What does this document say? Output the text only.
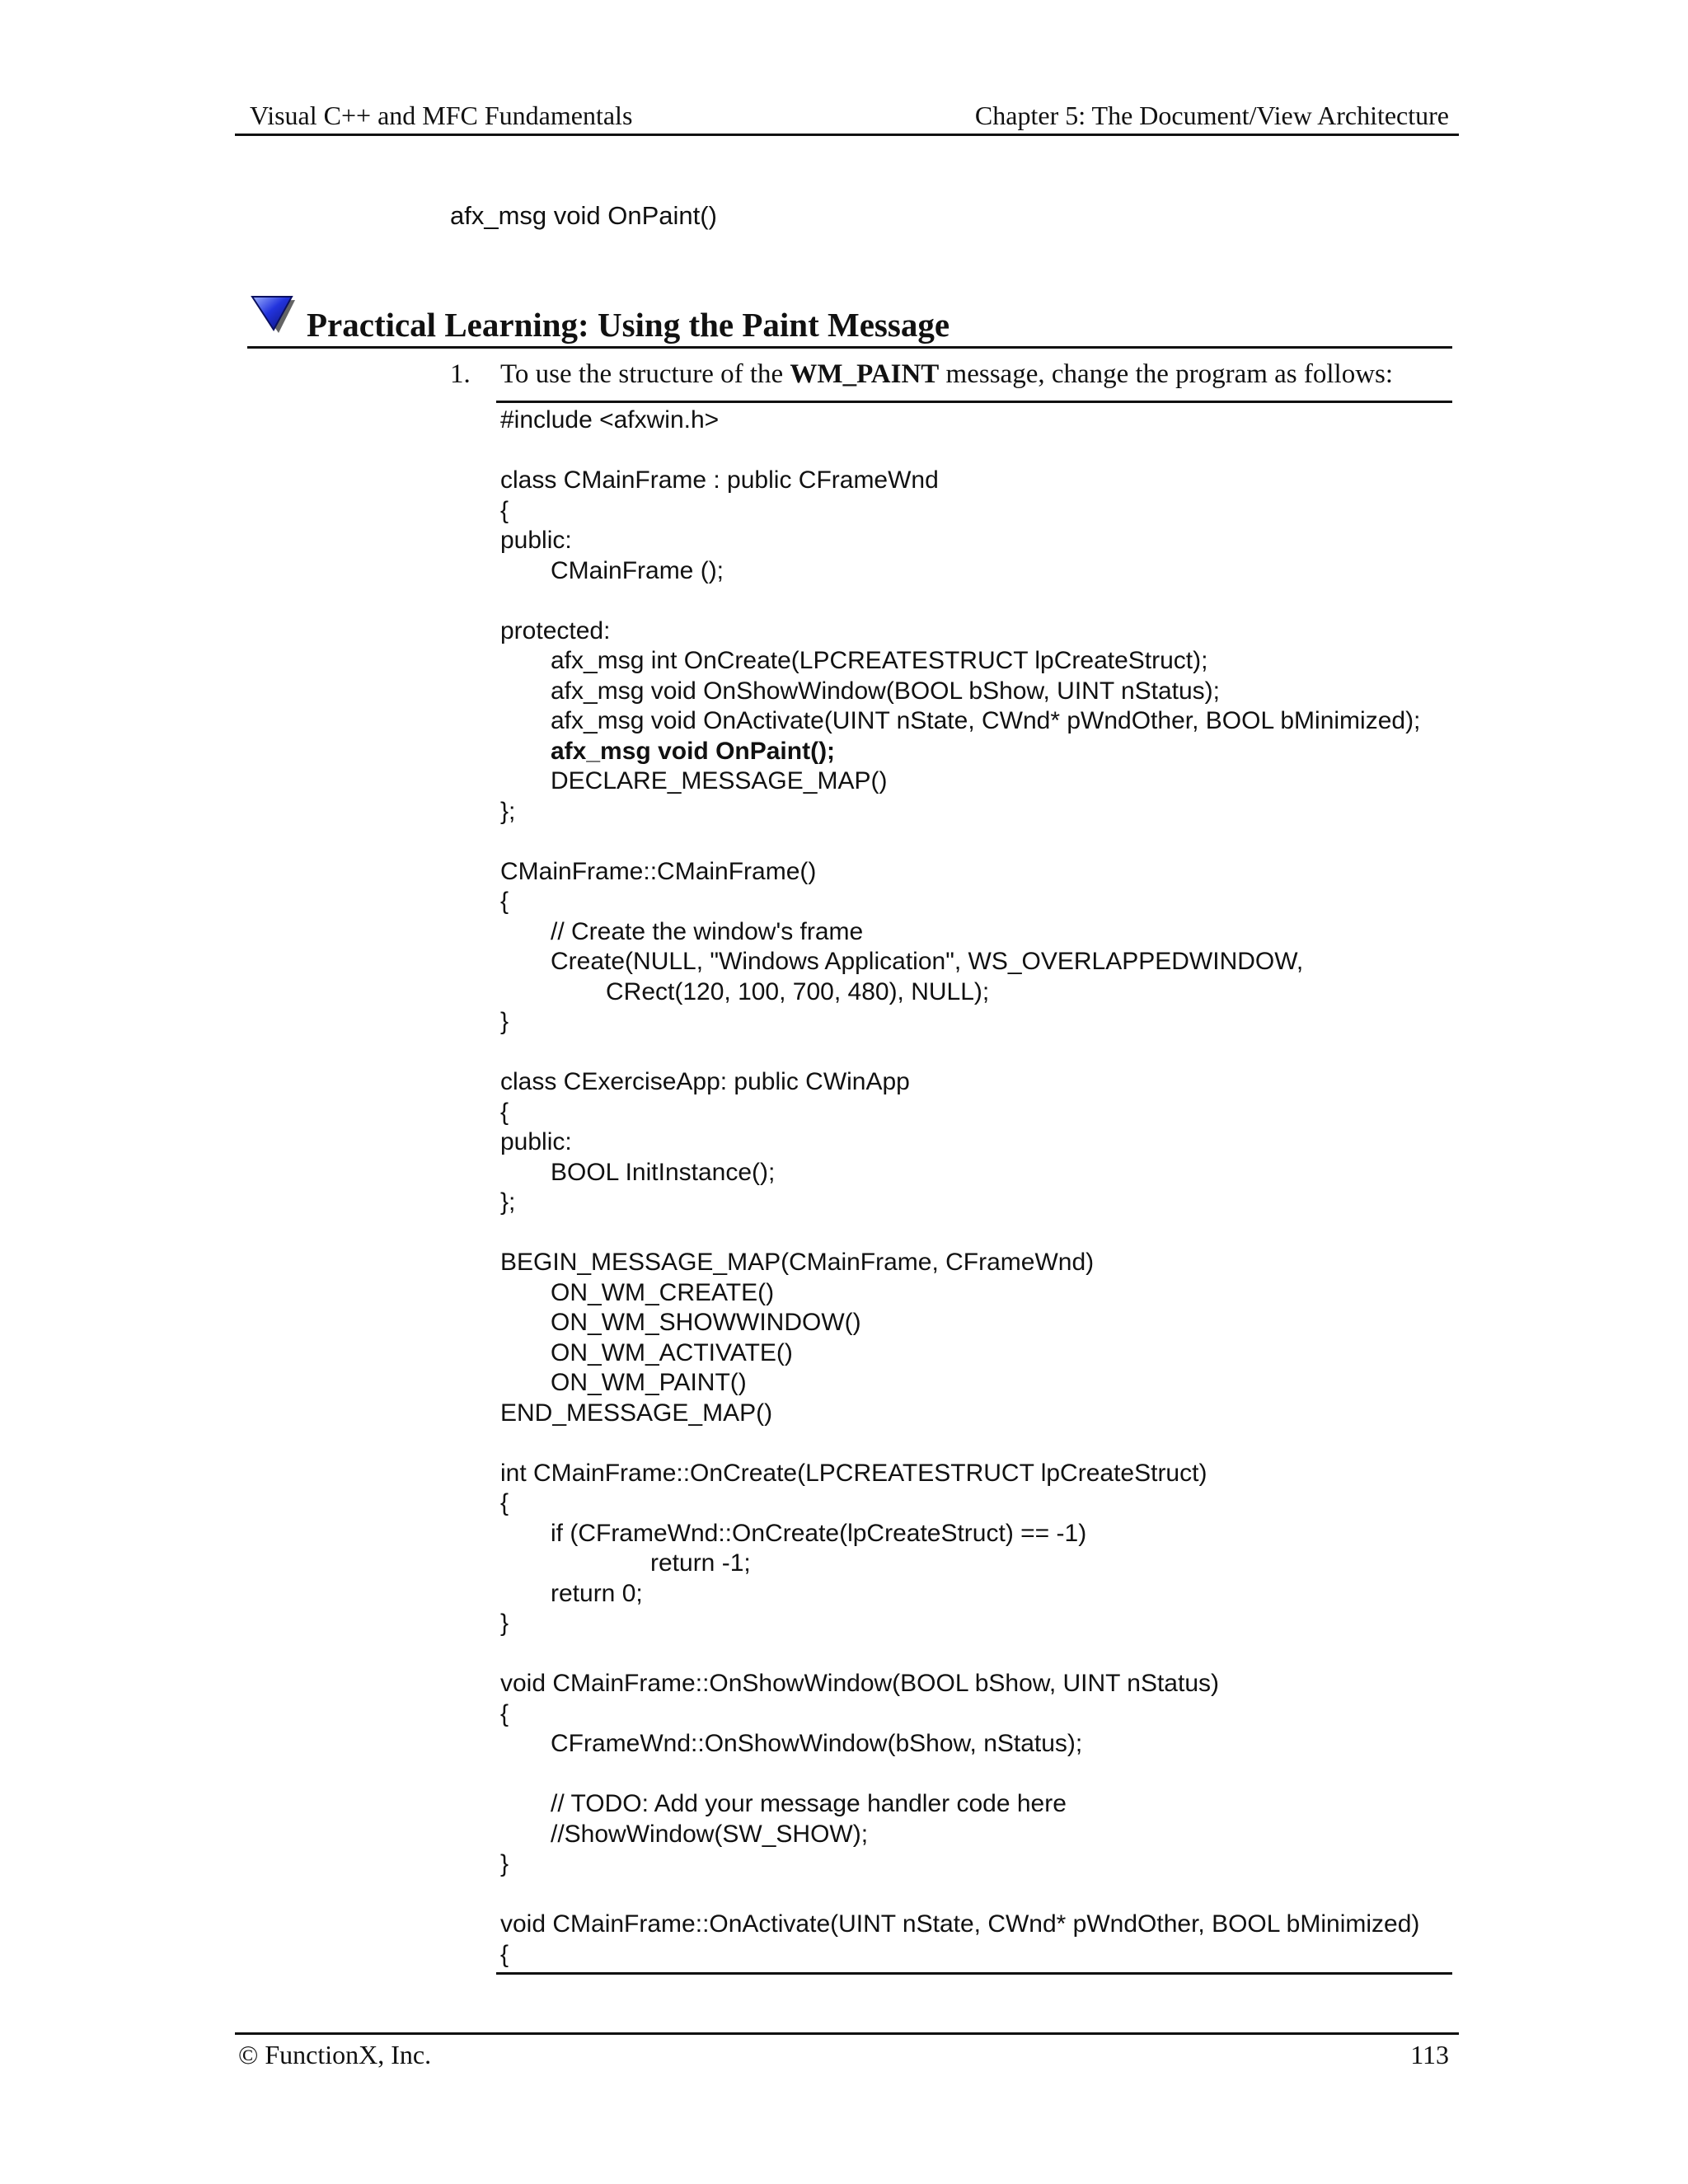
Visual C++ and MFC Fundamentals	Chapter 5: The Document/View Architecture
afx_msg void OnPaint()
Practical Learning: Using the Paint Message
1. To use the structure of the WM_PAINT message, change the program as follows:
#include <afxwin.h>
class CMainFrame : public CFrameWnd
{
public:
CMainFrame ();
protected:
afx_msg int OnCreate(LPCREATESTRUCT lpCreateStruct);
afx_msg void OnShowWindow(BOOL bShow, UINT nStatus);
afx_msg void OnActivate(UINT nState, CWnd* pWndOther, BOOL bMinimized);
afx_msg void OnPaint();
DECLARE_MESSAGE_MAP()
};
CMainFrame::CMainFrame()
{
// Create the window's frame
Create(NULL, "Windows Application", WS_OVERLAPPEDWINDOW,
CRect(120, 100, 700, 480), NULL);
}
class CExerciseApp: public CWinApp
{
public:
BOOL InitInstance();
};
BEGIN_MESSAGE_MAP(CMainFrame, CFrameWnd)
ON_WM_CREATE()
ON_WM_SHOWWINDOW()
ON_WM_ACTIVATE()
ON_WM_PAINT()
END_MESSAGE_MAP()
int CMainFrame::OnCreate(LPCREATESTRUCT lpCreateStruct)
{
if (CFrameWnd::OnCreate(lpCreateStruct) == -1)
return -1;
return 0;
}
void CMainFrame::OnShowWindow(BOOL bShow, UINT nStatus)
{
CFrameWnd::OnShowWindow(bShow, nStatus);
// TODO: Add your message handler code here
//ShowWindow(SW_SHOW);
}
void CMainFrame::OnActivate(UINT nState, CWnd* pWndOther, BOOL bMinimized)
{
© FunctionX, Inc.	113
